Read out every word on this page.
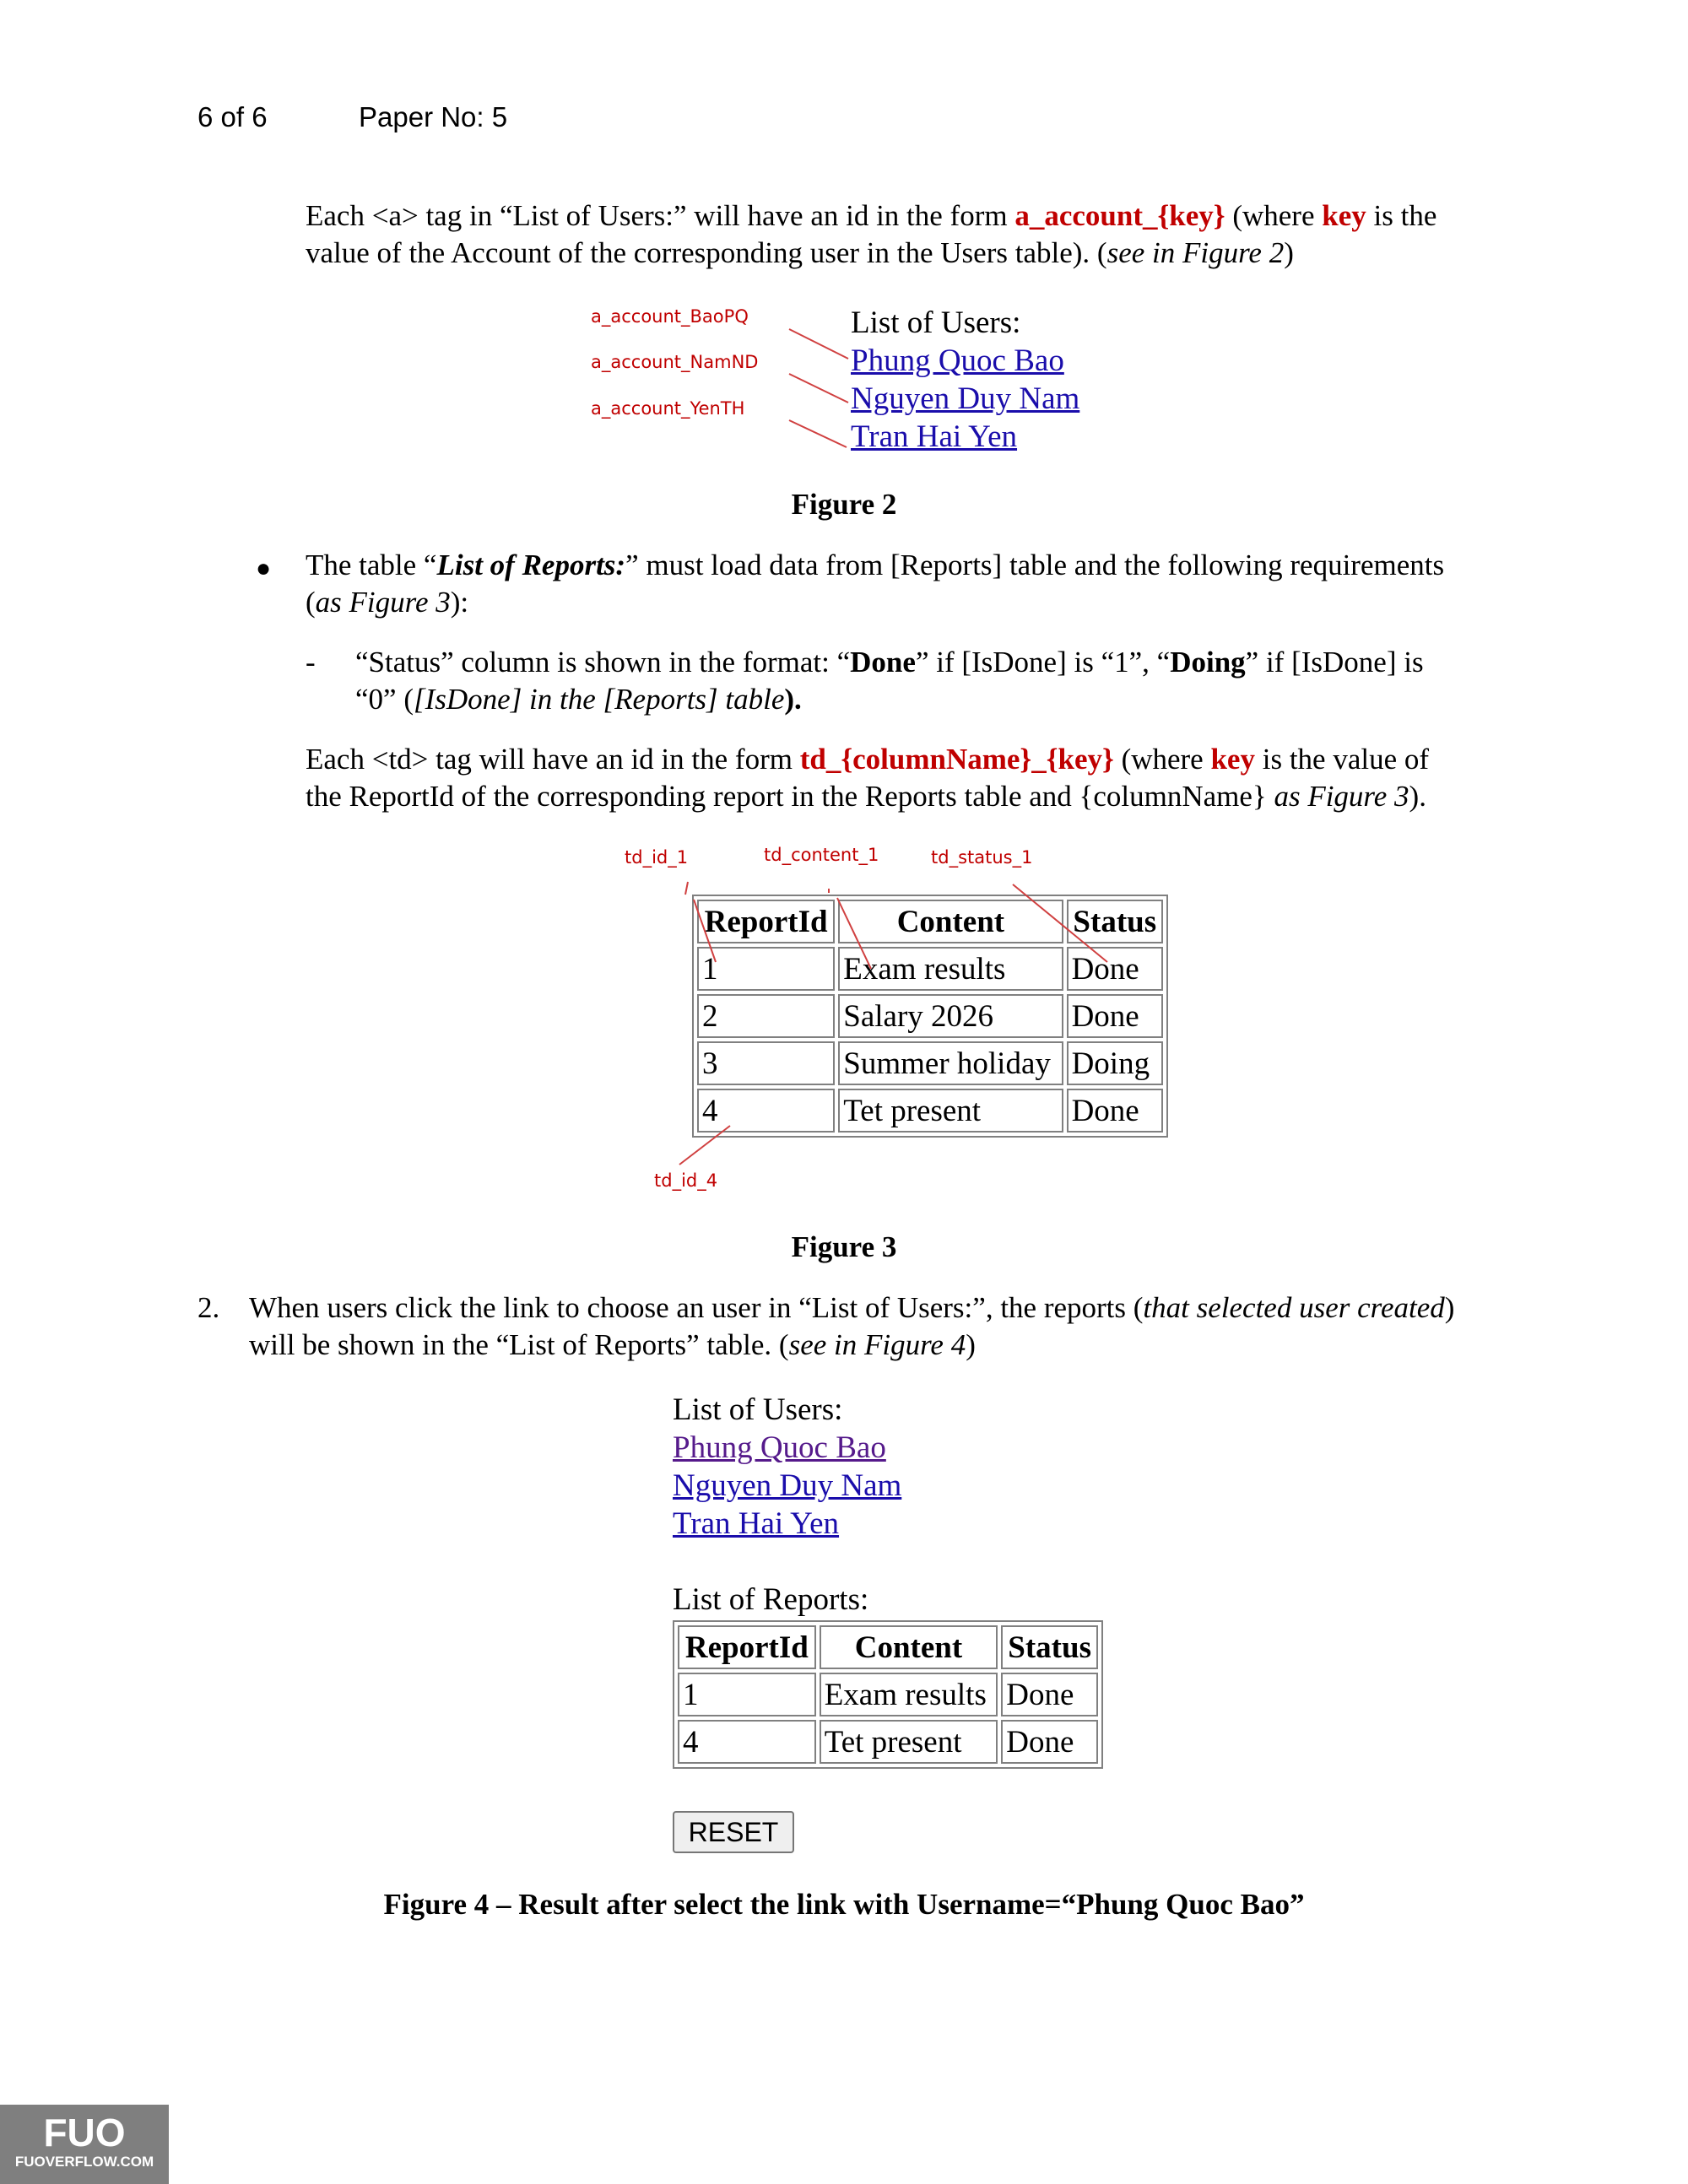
6 of 6	Paper No: 5
Each <a> tag in “List of Users:” will have an id in the form a_account_{key} (where key is the
value of the Account of the corresponding user in the Users table). (see in Figure 2)
a_account_BaoPQ
a_account_NamND
a_account_YenTH
List of Users:
Phung Quoc Bao
Nguyen Duy Nam
Tran Hai Yen
Figure 2
● The table “List of Reports:” must load data from [Reports] table and the following requirements
(as Figure 3):
- “Status” column is shown in the format: “Done” if [IsDone] is “1”, “Doing” if [IsDone] is
“0” ([IsDone] in the [Reports] table).
Each <td> tag will have an id in the form td_{columnName}_{key} (where key is the value of
the ReportId of the corresponding report in the Reports table and {columnName} as Figure 3).
td_id_1	td_content_1	td_status_1
td_id_4
ReportId	Content	Status
1	Exam results	Done
2	Salary 2026	Done
3	Summer holiday	Doing
4	Tet present	Done
Figure 3
2. When users click the link to choose an user in “List of Users:”, the reports (that selected user created)
will be shown in the “List of Reports” table. (see in Figure 4)
List of Users:
Phung Quoc Bao
Nguyen Duy Nam
Tran Hai Yen
List of Reports:
ReportId	Content	Status
1	Exam results	Done
4	Tet present	Done
RESET
Figure 4 – Result after select the link with Username=“Phung Quoc Bao”
FUO
FUOVERFLOW.COM
